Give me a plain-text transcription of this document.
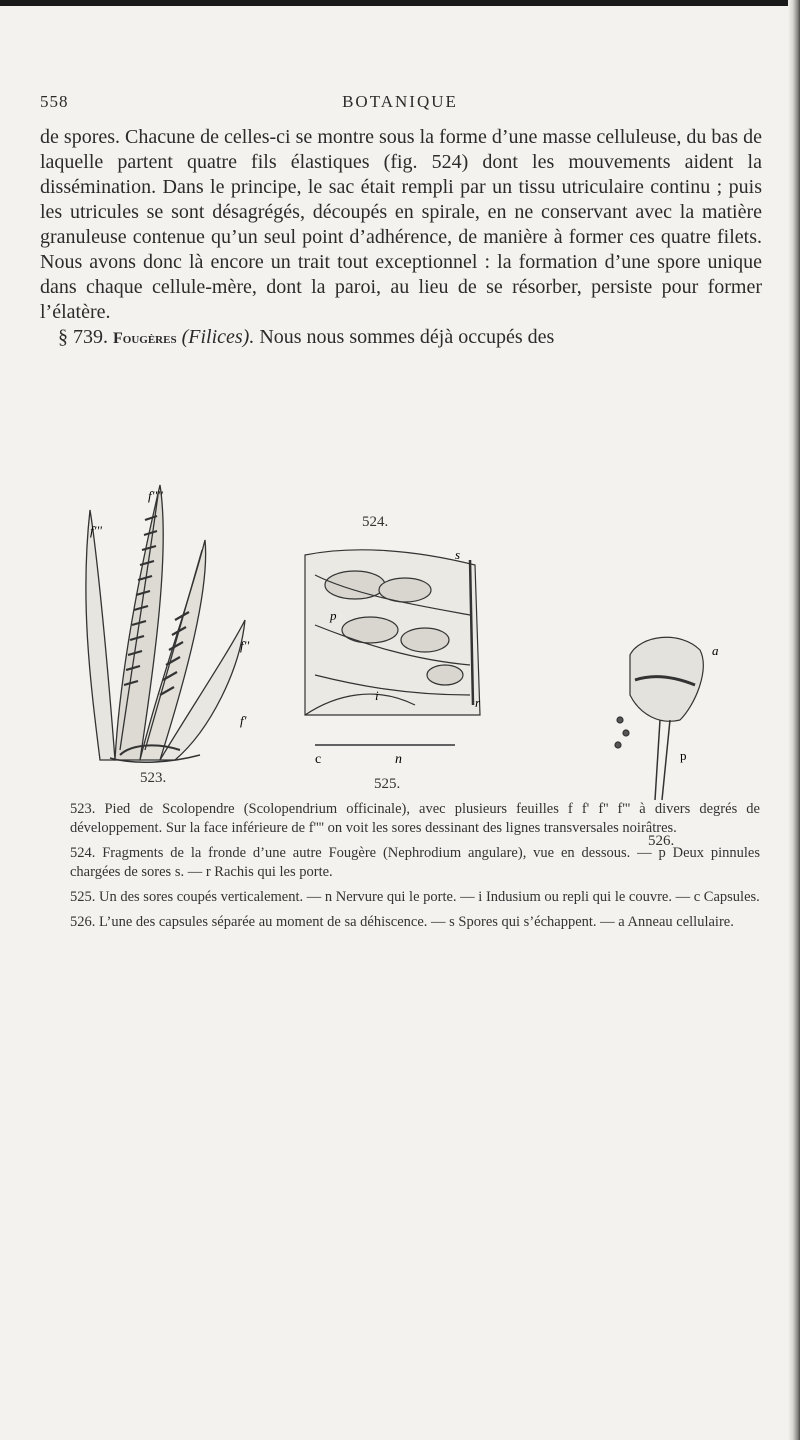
558	BOTANIQUE

de spores. Chacune de celles-ci se montre sous la forme d’une masse celluleuse, du bas de laquelle partent quatre fils élastiques (fig. 524) dont les mouvements aident la dissémination. Dans le principe, le sac était rempli par un tissu utriculaire continu ; puis les utricules se sont désagrégés, découpés en spirale, en ne conservant avec la matière granuleuse contenue qu’un seul point d’adhérence, de manière à former ces quatre filets. Nous avons donc là encore un trait tout exceptionnel : la formation d’une spore unique dans chaque cellule-mère, dont la paroi, au lieu de se résorber, persiste pour former l’élatère.

§ 739. Fougères (Filices). Nous nous sommes déjà occupés des

f''''
f'''
f''
f'
523.
524.
s
p
i	r
c	n
525.
a
p
526.

523. Pied de Scolopendre (Scolopendrium officinale), avec plusieurs feuilles f f' f'' f''' à divers degrés de développement. Sur la face inférieure de f'''' on voit les sores dessinant des lignes transversales noirâtres.

524. Fragments de la fronde d’une autre Fougère (Nephrodium angulare), vue en dessous. — p Deux pinnules chargées de sores s. — r Rachis qui les porte.

525. Un des sores coupés verticalement. — n Nervure qui le porte. — i Indusium ou repli qui le couvre. — c Capsules.

526. L’une des capsules séparée au moment de sa déhiscence. — s Spores qui s’échappent. — a Anneau cellulaire.
